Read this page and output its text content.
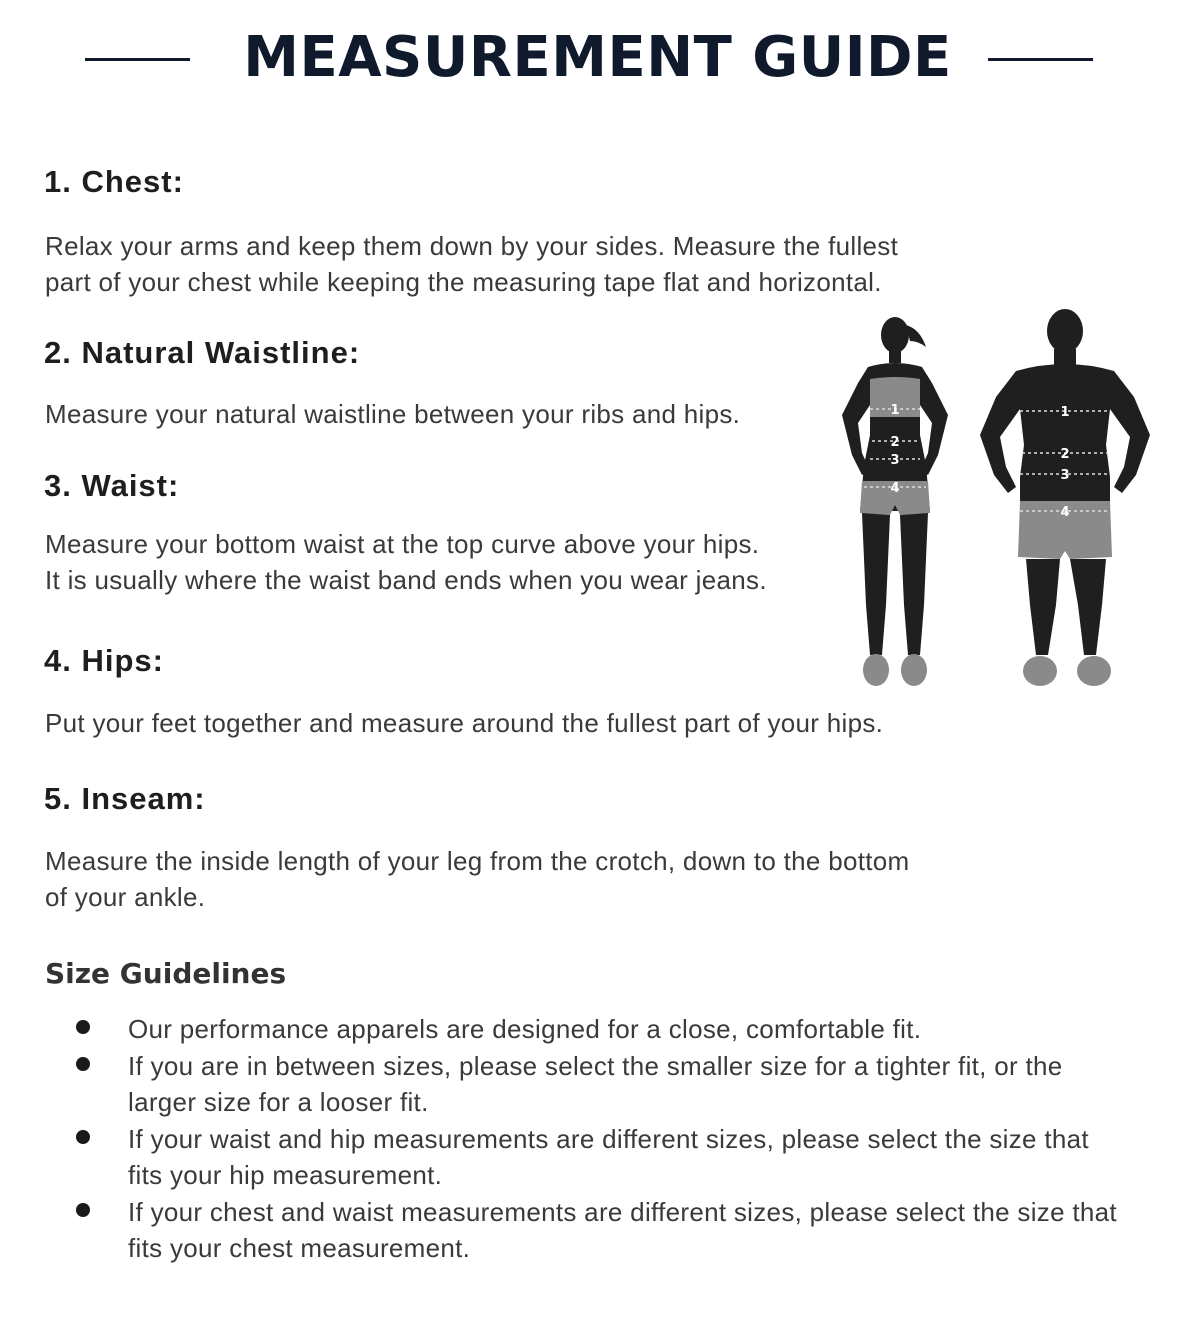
MEASUREMENT GUIDE
1. Chest:

Relax your arms and keep them down by your sides. Measure the fullest
part of your chest while keeping the measuring tape flat and horizontal.

2. Natural Waistline:

Measure your natural waistline between your ribs and hips.

3. Waist:

Measure your bottom waist at the top curve above your hips.
It is usually where the waist band ends when you wear jeans.

4. Hips:

Put your feet together and measure around the fullest part of your hips.

5. Inseam:

Measure the inside length of your leg from the crotch, down to the bottom
of your ankle.

Size Guidelines
Our performance apparels are designed for a close, comfortable fit.
If you are in between sizes, please select the smaller size for a tighter fit, or the larger size for a looser fit.
If your waist and hip measurements are different sizes, please select the size that fits your hip measurement.
If your chest and waist measurements are different sizes, please select the size that fits your chest measurement.
1
2
3
4
1
2
3
4
